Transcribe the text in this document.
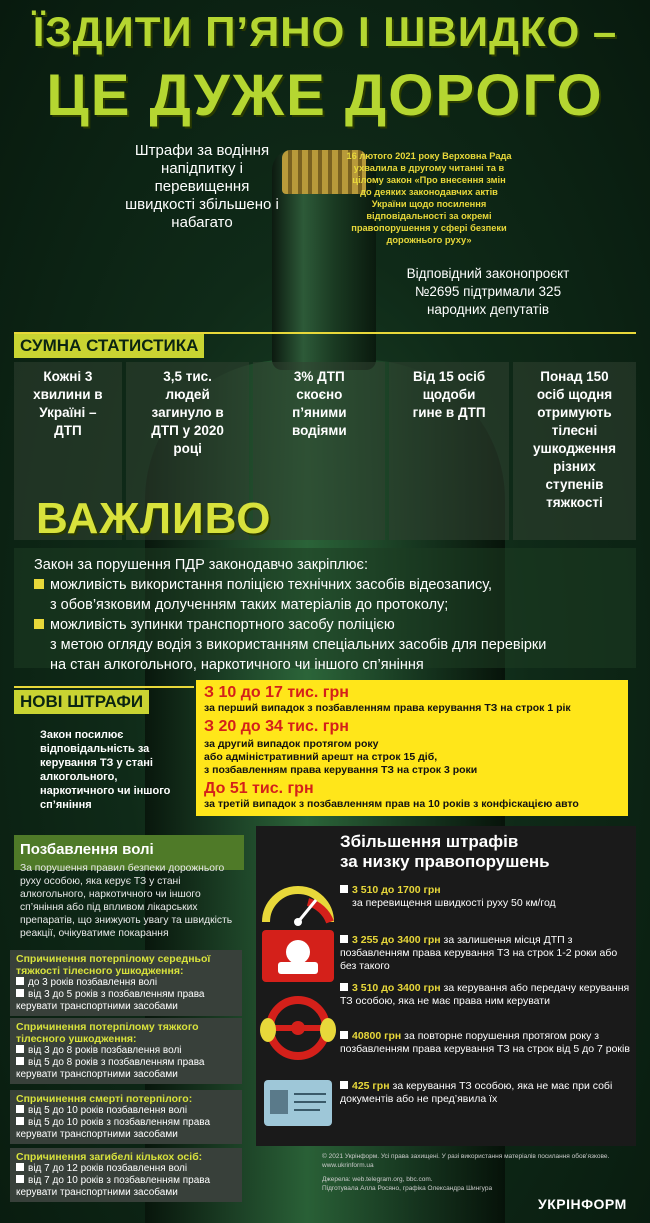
ЇЗДИТИ П’ЯНО І ШВИДКО –
ЦЕ ДУЖЕ ДОРОГО
Штрафи за водіння напідпитку і перевищення швидкості збільшено і набагато
16 лютого 2021 року Верховна Рада ухвалила в другому читанні та в цілому закон «Про внесення змін до деяких законодавчих актів України щодо посилення відповідальності за окремі правопорушення у сфері безпеки дорожнього руху»
Відповідний законопроєкт №2695 підтримали 325 народних депутатів
СУМНА СТАТИСТИКА
Кожні 3 хвилини в Україні – ДТП
3,5 тис. людей загинуло в ДТП у 2020 році
3% ДТП скоєно п’яними водіями
Від 15 осіб щодоби гине в ДТП
Понад 150 осіб щодня отримують тілесні ушкодження різних ступенів тяжкості
ВАЖЛИВО

Закон за порушення ПДР законодавчо закріплює:

можливість використання поліцією технічних засобів відеозапису,

з обов’язковим долученням таких матеріалів до протоколу;

можливість зупинки транспортного засобу поліцією

з метою огляду водія з використанням спеціальних засобів для перевірки

на стан алкогольного, наркотичного чи іншого сп’яніння

НОВІ ШТРАФИ
Закон посилює відповідальність за керування ТЗ у стані алкогольного, наркотичного чи іншого сп’яніння
З 10 до 17 тис. грн
за перший випадок з позбавленням права керування ТЗ на строк 1 рік
З 20 до 34 тис. грн
за другий випадок протягом року
або адміністративний арешт на строк 15 діб,
з позбавленням права керування ТЗ на строк 3 роки
До 51 тис. грн
за третій випадок з позбавленням прав на 10 років з конфіскацією авто
Позбавлення волі
За порушення правил безпеки дорожнього руху особою, яка керує ТЗ у стані алкогольного, наркотичного чи іншого сп’яніння або під впливом лікарських препаратів, що знижують увагу та швидкість реакції, очікуватиме покарання
Спричинення потерпілому середньої тяжкості тілесного ушкодження:
до 3 років позбавлення волі
від 3 до 5 років з позбавленням права керувати транспортними засобами
Спричинення потерпілому тяжкого тілесного ушкодження:
від 3 до 8 років позбавлення волі
від 5 до 8 років з позбавленням права керувати транспортними засобами
Спричинення смерті потерпілого:
від 5 до 10 років позбавлення волі
від 5 до 10 років з позбавленням права керувати транспортними засобами
Спричинення загибелі кількох осіб:
від 7 до 12 років позбавлення волі
від 7 до 10 років з позбавленням права керувати транспортними засобами
Збільшення штрафів
за низку правопорушень
3 510 до 1700 грн
за перевищення швидкості руху 50 км/год
3 255 до 3400 грн за залишення місця ДТП з позбавленням права керування ТЗ на строк 1-2 роки або без такого
3 510 до 3400 грн за керування або передачу керування ТЗ особою, яка не має права ним керувати
40800 грн за повторне порушення протягом року з позбавленням права керування ТЗ на строк від 5 до 7 років
425 грн за керування ТЗ особою, яка не має при собі документів або не пред’явила їх
© 2021 Укрінформ. Усі права захищені. У разі використання матеріалів посилання обов’язкове.
www.ukrinform.ua
Джерела: web.telegram.org, bbc.com.
Підготувала Алла Росяно, графіка Олександра Шингура
УКРІНФОРМ
